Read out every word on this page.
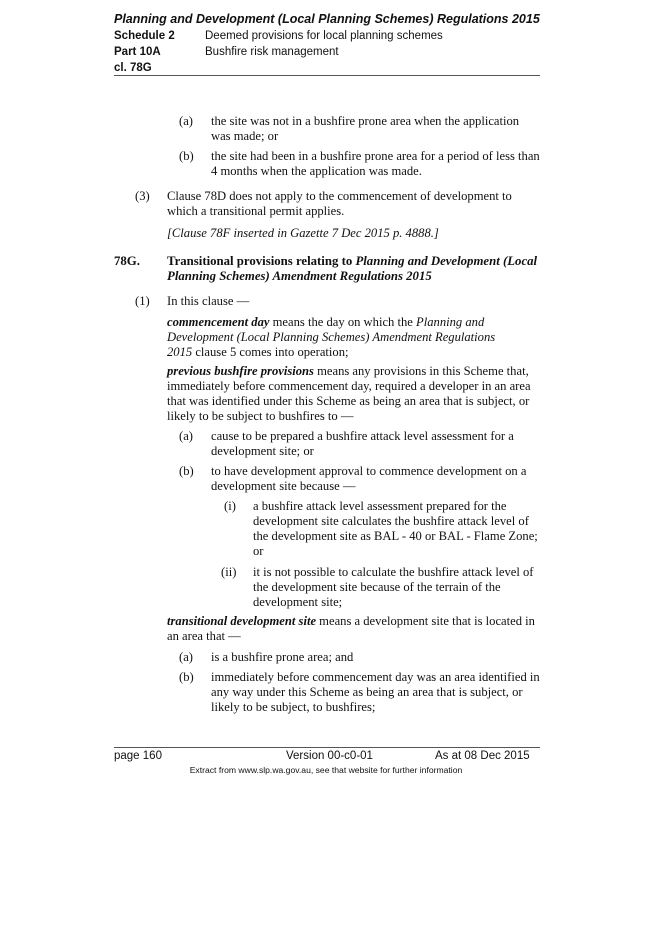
Planning and Development (Local Planning Schemes) Regulations 2015
Schedule 2	Deemed provisions for local planning schemes
Part 10A	Bushfire risk management
cl. 78G
(a) the site was not in a bushfire prone area when the application was made; or
(b) the site had been in a bushfire prone area for a period of less than 4 months when the application was made.
(3) Clause 78D does not apply to the commencement of development to which a transitional permit applies.
[Clause 78F inserted in Gazette 7 Dec 2015 p. 4888.]
78G. Transitional provisions relating to Planning and Development (Local Planning Schemes) Amendment Regulations 2015
(1) In this clause —
commencement day means the day on which the Planning and Development (Local Planning Schemes) Amendment Regulations 2015 clause 5 comes into operation;
previous bushfire provisions means any provisions in this Scheme that, immediately before commencement day, required a developer in an area that was identified under this Scheme as being an area that is subject, or likely to be subject to bushfires to —
(a) cause to be prepared a bushfire attack level assessment for a development site; or
(b) to have development approval to commence development on a development site because —
(i) a bushfire attack level assessment prepared for the development site calculates the bushfire attack level of the development site as BAL - 40 or BAL - Flame Zone; or
(ii) it is not possible to calculate the bushfire attack level of the development site because of the terrain of the development site;
transitional development site means a development site that is located in an area that —
(a) is a bushfire prone area; and
(b) immediately before commencement day was an area identified in any way under this Scheme as being an area that is subject, or likely to be subject, to bushfires;
page 160	Version 00-c0-01	As at 08 Dec 2015
Extract from www.slp.wa.gov.au, see that website for further information
